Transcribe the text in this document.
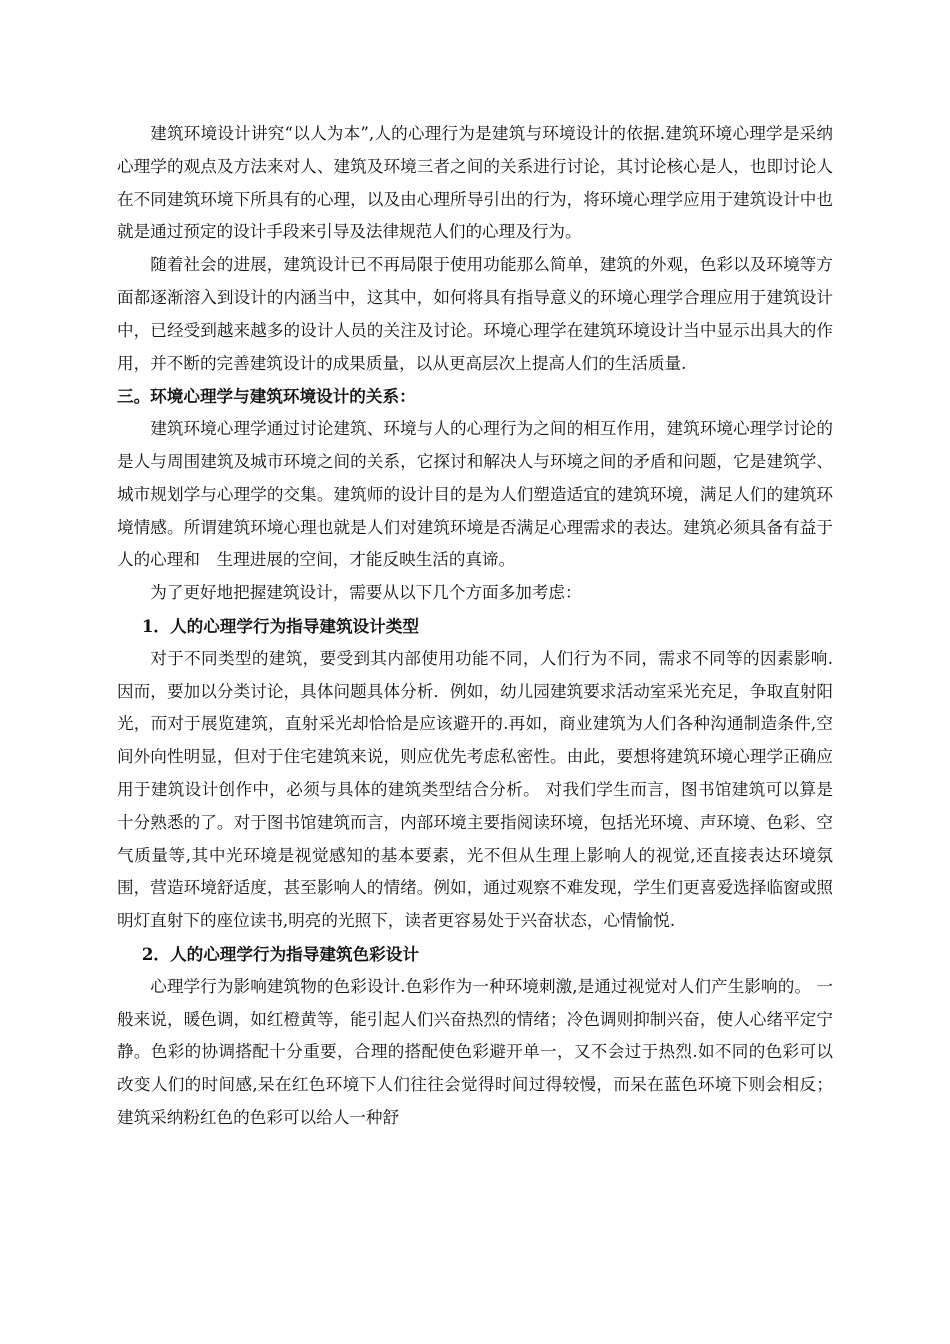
建筑环境设计讲究“以人为本”,人的心理行为是建筑与环境设计的依据.建筑环境心理学是采纳心理学的观点及方法来对人、建筑及环境三者之间的关系进行讨论，其讨论核心是人，也即讨论人在不同建筑环境下所具有的心理，以及由心理所导引出的行为，将环境心理学应用于建筑设计中也就是通过预定的设计手段来引导及法律规范人们的心理及行为。

随着社会的进展，建筑设计已不再局限于使用功能那么简单，建筑的外观，色彩以及环境等方面都逐渐溶入到设计的内涵当中，这其中，如何将具有指导意义的环境心理学合理应用于建筑设计中，已经受到越来越多的设计人员的关注及讨论。环境心理学在建筑环境设计当中显示出具大的作用，并不断的完善建筑设计的成果质量，以从更高层次上提高人们的生活质量.

三。环境心理学与建筑环境设计的关系：

建筑环境心理学通过讨论建筑、环境与人的心理行为之间的相互作用，建筑环境心理学讨论的是人与周围建筑及城市环境之间的关系，它探讨和解决人与环境之间的矛盾和问题，它是建筑学、城市规划学与心理学的交集。建筑师的设计目的是为人们塑造适宜的建筑环境，满足人们的建筑环境情感。所谓建筑环境心理也就是人们对建筑环境是否满足心理需求的表达。建筑必须具备有益于人的心理和　生理进展的空间，才能反映生活的真谛。

为了更好地把握建筑设计，需要从以下几个方面多加考虑：

1．人的心理学行为指导建筑设计类型

对于不同类型的建筑，要受到其内部使用功能不同，人们行为不同，需求不同等的因素影响.因而，要加以分类讨论，具体问题具体分析．例如，幼儿园建筑要求活动室采光充足，争取直射阳光，而对于展览建筑，直射采光却恰恰是应该避开的.再如，商业建筑为人们各种沟通制造条件,空间外向性明显，但对于住宅建筑来说，则应优先考虑私密性。由此，要想将建筑环境心理学正确应用于建筑设计创作中，必须与具体的建筑类型结合分析。 对我们学生而言，图书馆建筑可以算是十分熟悉的了。对于图书馆建筑而言，内部环境主要指阅读环境，包括光环境、声环境、色彩、空气质量等,其中光环境是视觉感知的基本要素，光不但从生理上影响人的视觉,还直接表达环境氛围，营造环境舒适度，甚至影响人的情绪。例如，通过观察不难发现，学生们更喜爱选择临窗或照明灯直射下的座位读书,明亮的光照下，读者更容易处于兴奋状态，心情愉悦.

2．人的心理学行为指导建筑色彩设计

心理学行为影响建筑物的色彩设计.色彩作为一种环境刺激,是通过视觉对人们产生影响的。 一般来说，暖色调，如红橙黄等，能引起人们兴奋热烈的情绪；冷色调则抑制兴奋，使人心绪平定宁静。色彩的协调搭配十分重要，合理的搭配使色彩避开单一，又不会过于热烈.如不同的色彩可以改变人们的时间感,呆在红色环境下人们往往会觉得时间过得较慢，而呆在蓝色环境下则会相反；建筑采纳粉红色的色彩可以给人一种舒
